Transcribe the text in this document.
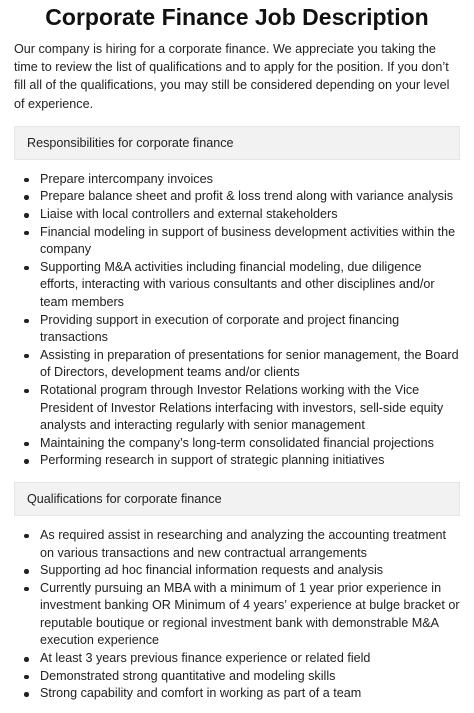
Corporate Finance Job Description

Our company is hiring for a corporate finance. We appreciate you taking the time to review the list of qualifications and to apply for the position. If you don’t fill all of the qualifications, you may still be considered depending on your level of experience.

Responsibilities for corporate finance
Prepare intercompany invoices
Prepare balance sheet and profit & loss trend along with variance analysis
Liaise with local controllers and external stakeholders
Financial modeling in support of business development activities within the company
Supporting M&A activities including financial modeling, due diligence efforts, interacting with various consultants and other disciplines and/or team members
Providing support in execution of corporate and project financing transactions
Assisting in preparation of presentations for senior management, the Board of Directors, development teams and/or clients
Rotational program through Investor Relations working with the Vice President of Investor Relations interfacing with investors, sell-side equity analysts and interacting regularly with senior management
Maintaining the company’s long-term consolidated financial projections
Performing research in support of strategic planning initiatives
Qualifications for corporate finance
As required assist in researching and analyzing the accounting treatment on various transactions and new contractual arrangements
Supporting ad hoc financial information requests and analysis
Currently pursuing an MBA with a minimum of 1 year prior experience in investment banking OR Minimum of 4 years’ experience at bulge bracket or reputable boutique or regional investment bank with demonstrable M&A execution experience
At least 3 years previous finance experience or related field
Demonstrated strong quantitative and modeling skills
Strong capability and comfort in working as part of a team
